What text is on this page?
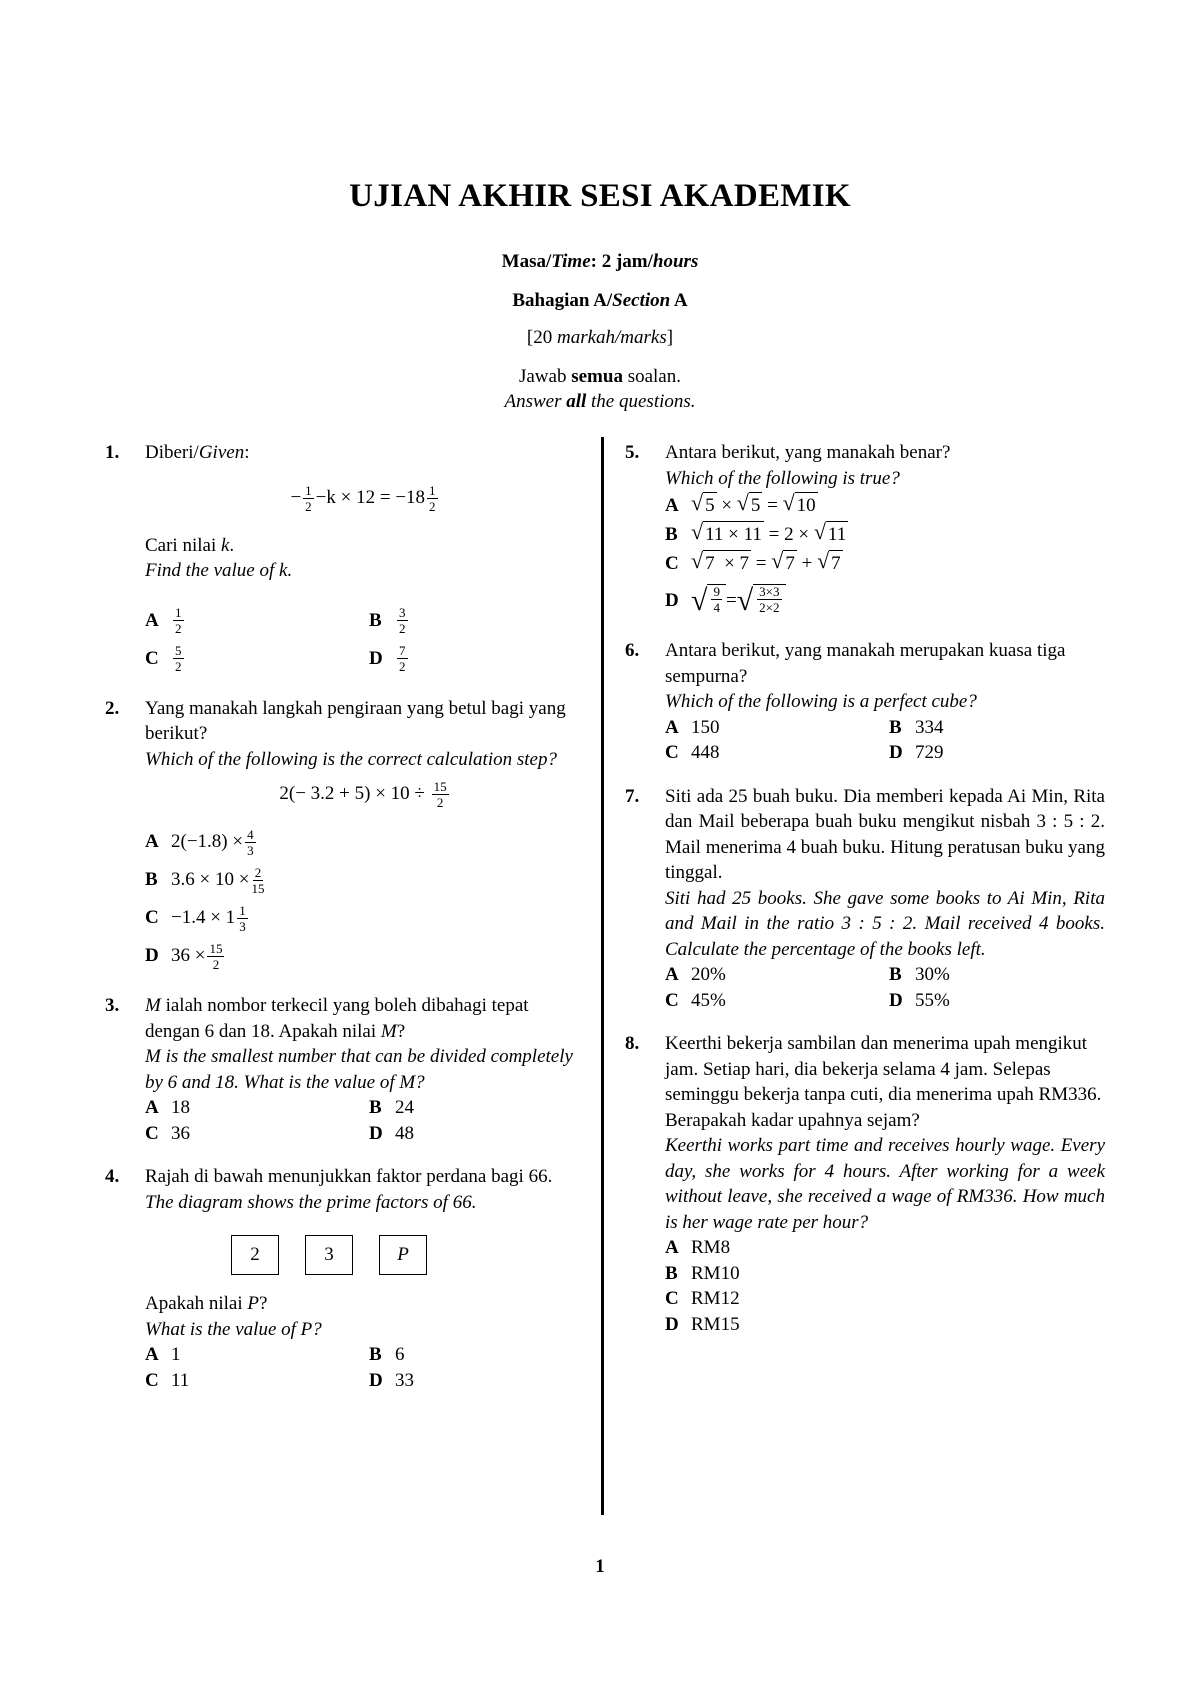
UJIAN AKHIR SESI AKADEMIK
Masa/Time: 2 jam/hours
Bahagian A/Section A
[20 markah/marks]
Jawab semua soalan.
Answer all the questions.
1. Diberi/Given:
− $\frac{1}{2} -k \times 12 = -18 \frac{1}{2}$
Cari nilai k.
Find the value of k.
A	$\frac{1}{2}$	B	$\frac{3}{2}$
C	$\frac{5}{2}$	D	$\frac{7}{2}$
2. Yang manakah langkah pengiraan yang betul bagi yang berikut?
Which of the following is the correct calculation step?
$2(- 3.2 + 5) \times 10 \div \frac{15}{2}$
A $2(-1.8) \times \frac{4}{3}$
B $3.6 \times 10 \times \frac{2}{15}$
$C -1.4 \times 1 \frac{1}{3}$
D $36 \times \frac{15}{2}$
3. M ialah nombor terkecil yang boleh dibahagi tepat dengan 6 dan 18. Apakah nilai M?
M is the smallest number that can be divided completely by 6 and 18. What is the value of M?
A 18	B 24
C 36	D 48
4. Rajah di bawah menunjukkan faktor perdana bagi 66.
The diagram shows the prime factors of 66.
2	3	P
Apakah nilai P?
What is the value of P?
A 1	B 6
C 11	D 33
5. Antara berikut, yang manakah benar?
Which of the following is true?
A √ 5
×
√ 5
=
√ 10
B √ 11 × 11
= 2 ×
√ 11
C √ 7  × 7
=
√ 7
+
√ 7
D √ $\frac{9}{4}$ = √ $\frac{3\times 3}{2\times 2}$
6. Antara berikut, yang manakah merupakan kuasa tiga sempurna?
Which of the following is a perfect cube?
A 150	B 334
C 448	D 729
7. Siti ada 25 buah buku. Dia memberi kepada Ai Min, Rita dan Mail beberapa buah buku mengikut nisbah 3 : 5 : 2. Mail menerima 4 buah buku. Hitung peratusan buku yang tinggal.
Siti had 25 books. She gave some books to Ai Min, Rita and Mail in the ratio 3 : 5 : 2. Mail received 4 books. Calculate the percentage of the books left.
A 20%	B 30%
C 45%	D 55%
8. Keerthi bekerja sambilan dan menerima upah mengikut jam. Setiap hari, dia bekerja selama 4 jam. Selepas seminggu bekerja tanpa cuti, dia menerima upah RM336. Berapakah kadar upahnya sejam?
Keerthi works part time and receives hourly wage. Every day, she works for 4 hours. After working for a week without leave, she received a wage of RM336. How much is her wage rate per hour?
A RM8
B RM10
C RM12
D RM15
1
